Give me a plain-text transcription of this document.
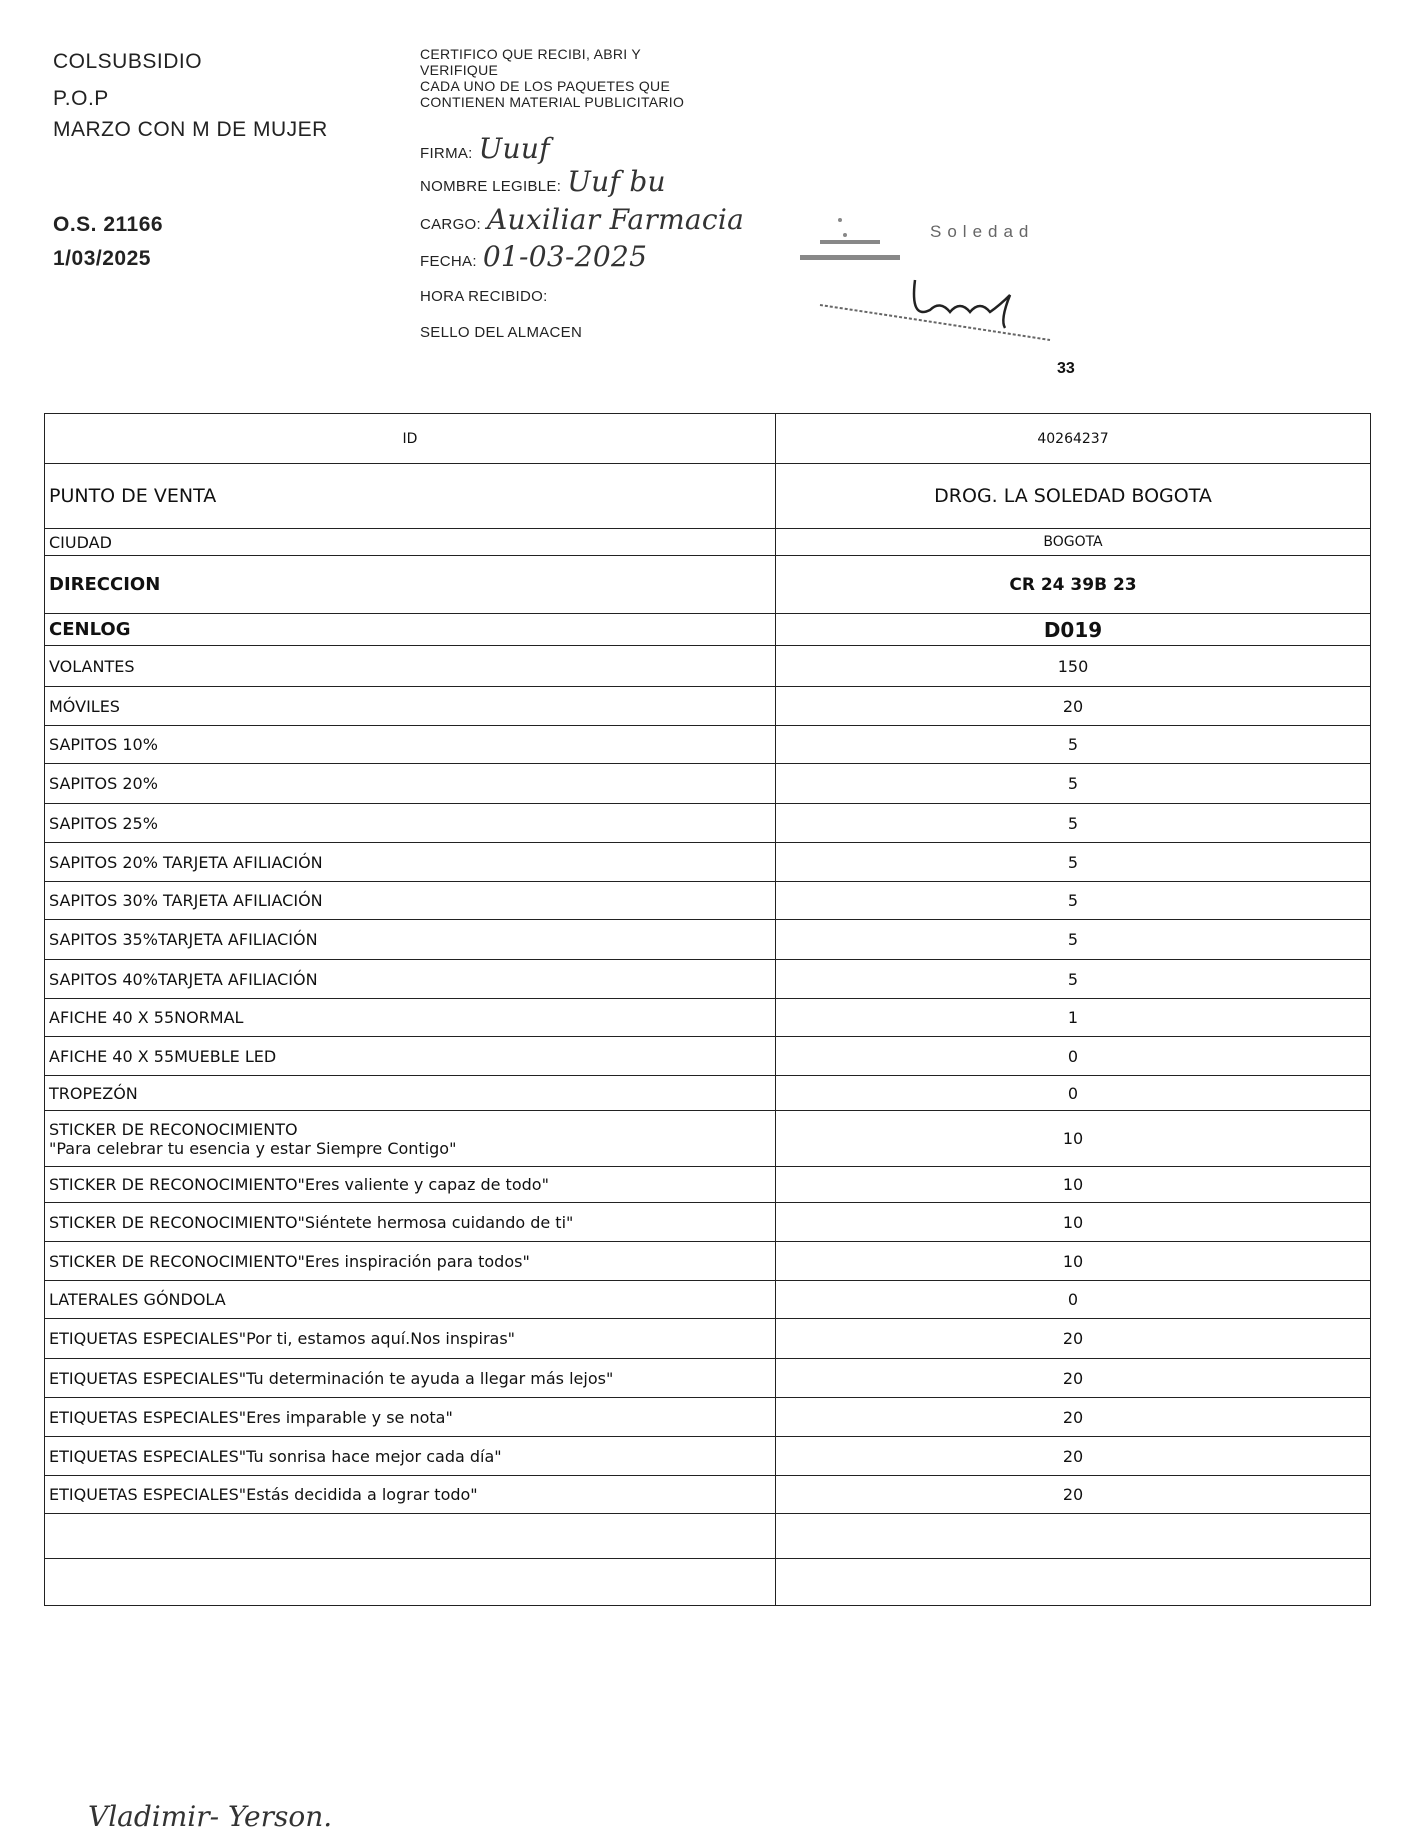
COLSUBSIDIO
P.O.P
MARZO CON M DE MUJER
O.S. 21166
1/03/2025
CERTIFICO QUE RECIBI, ABRI Y
VERIFIQUE
CADA UNO DE LOS PAQUETES QUE
CONTIENEN MATERIAL PUBLICITARIO
FIRMA: Uuuf
NOMBRE LEGIBLE: Uuf bu
CARGO: Auxiliar Farmacia
FECHA: 01-03-2025
HORA RECIBIDO:
SELLO DEL ALMACEN
Soledad
33
ID	40264237
PUNTO DE VENTA	DROG. LA SOLEDAD BOGOTA
CIUDAD	BOGOTA
DIRECCION	CR 24 39B 23
CENLOG	D019
VOLANTES	150
MÓVILES	20
SAPITOS 10%	5
SAPITOS 20%	5
SAPITOS 25%	5
SAPITOS 20% TARJETA AFILIACIÓN	5
SAPITOS 30% TARJETA AFILIACIÓN	5
SAPITOS 35%TARJETA AFILIACIÓN	5
SAPITOS 40%TARJETA AFILIACIÓN	5
AFICHE 40 X 55NORMAL	1
AFICHE 40 X 55MUEBLE LED	0
TROPEZÓN	0
STICKER DE RECONOCIMIENTO
"Para celebrar tu esencia y estar Siempre Contigo"	10
STICKER DE RECONOCIMIENTO"Eres valiente y capaz de todo"	10
STICKER DE RECONOCIMIENTO"Siéntete hermosa cuidando de ti"	10
STICKER DE RECONOCIMIENTO"Eres inspiración para todos"	10
LATERALES GÓNDOLA	0
ETIQUETAS ESPECIALES"Por ti, estamos aquí.Nos inspiras"	20
ETIQUETAS ESPECIALES"Tu determinación te ayuda a llegar más lejos"	20
ETIQUETAS ESPECIALES"Eres imparable y se nota"	20
ETIQUETAS ESPECIALES"Tu sonrisa hace mejor cada día"	20
ETIQUETAS ESPECIALES"Estás decidida a lograr todo"	20

Vladimir- Yerson.
